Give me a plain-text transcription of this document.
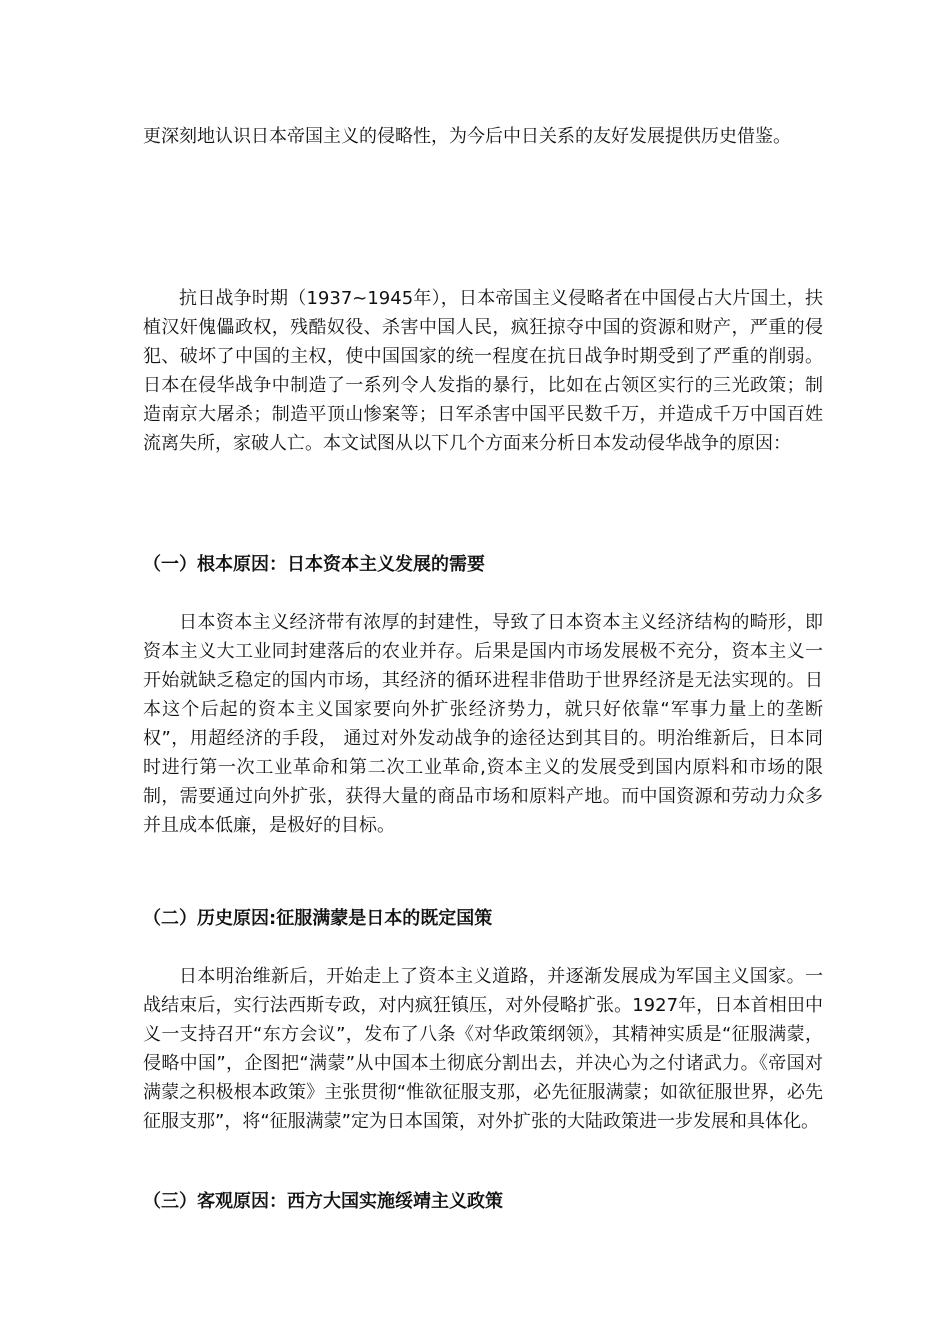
更深刻地认识日本帝国主义的侵略性，为今后中日关系的友好发展提供历史借鉴。

抗日战争时期（1937~1945年），日本帝国主义侵略者在中国侵占大片国土，扶植汉奸傀儡政权，残酷奴役、杀害中国人民，疯狂掠夺中国的资源和财产，严重的侵犯、破坏了中国的主权，使中国国家的统一程度在抗日战争时期受到了严重的削弱。日本在侵华战争中制造了一系列令人发指的暴行，比如在占领区实行的三光政策；制造南京大屠杀；制造平顶山惨案等；日军杀害中国平民数千万，并造成千万中国百姓流离失所，家破人亡。本文试图从以下几个方面来分析日本发动侵华战争的原因：

（一）根本原因：日本资本主义发展的需要

日本资本主义经济带有浓厚的封建性，导致了日本资本主义经济结构的畸形，即资本主义大工业同封建落后的农业并存。后果是国内市场发展极不充分，资本主义一开始就缺乏稳定的国内市场，其经济的循环进程非借助于世界经济是无法实现的。日本这个后起的资本主义国家要向外扩张经济势力，就只好依靠“军事力量上的垄断权”，用超经济的手段， 通过对外发动战争的途径达到其目的。明治维新后，日本同时进行第一次工业革命和第二次工业革命,资本主义的发展受到国内原料和市场的限制，需要通过向外扩张，获得大量的商品市场和原料产地。而中国资源和劳动力众多并且成本低廉，是极好的目标。

（二）历史原因:征服满蒙是日本的既定国策

日本明治维新后，开始走上了资本主义道路，并逐渐发展成为军国主义国家。一战结束后，实行法西斯专政，对内疯狂镇压，对外侵略扩张。1927年，日本首相田中义一支持召开“东方会议”，发布了八条《对华政策纲领》，其精神实质是“征服满蒙，侵略中国”，企图把“满蒙”从中国本土彻底分割出去，并决心为之付诸武力。《帝国对满蒙之积极根本政策》主张贯彻“惟欲征服支那，必先征服满蒙；如欲征服世界，必先征服支那”，将“征服满蒙”定为日本国策，对外扩张的大陆政策进一步发展和具体化。

（三）客观原因：西方大国实施绥靖主义政策
